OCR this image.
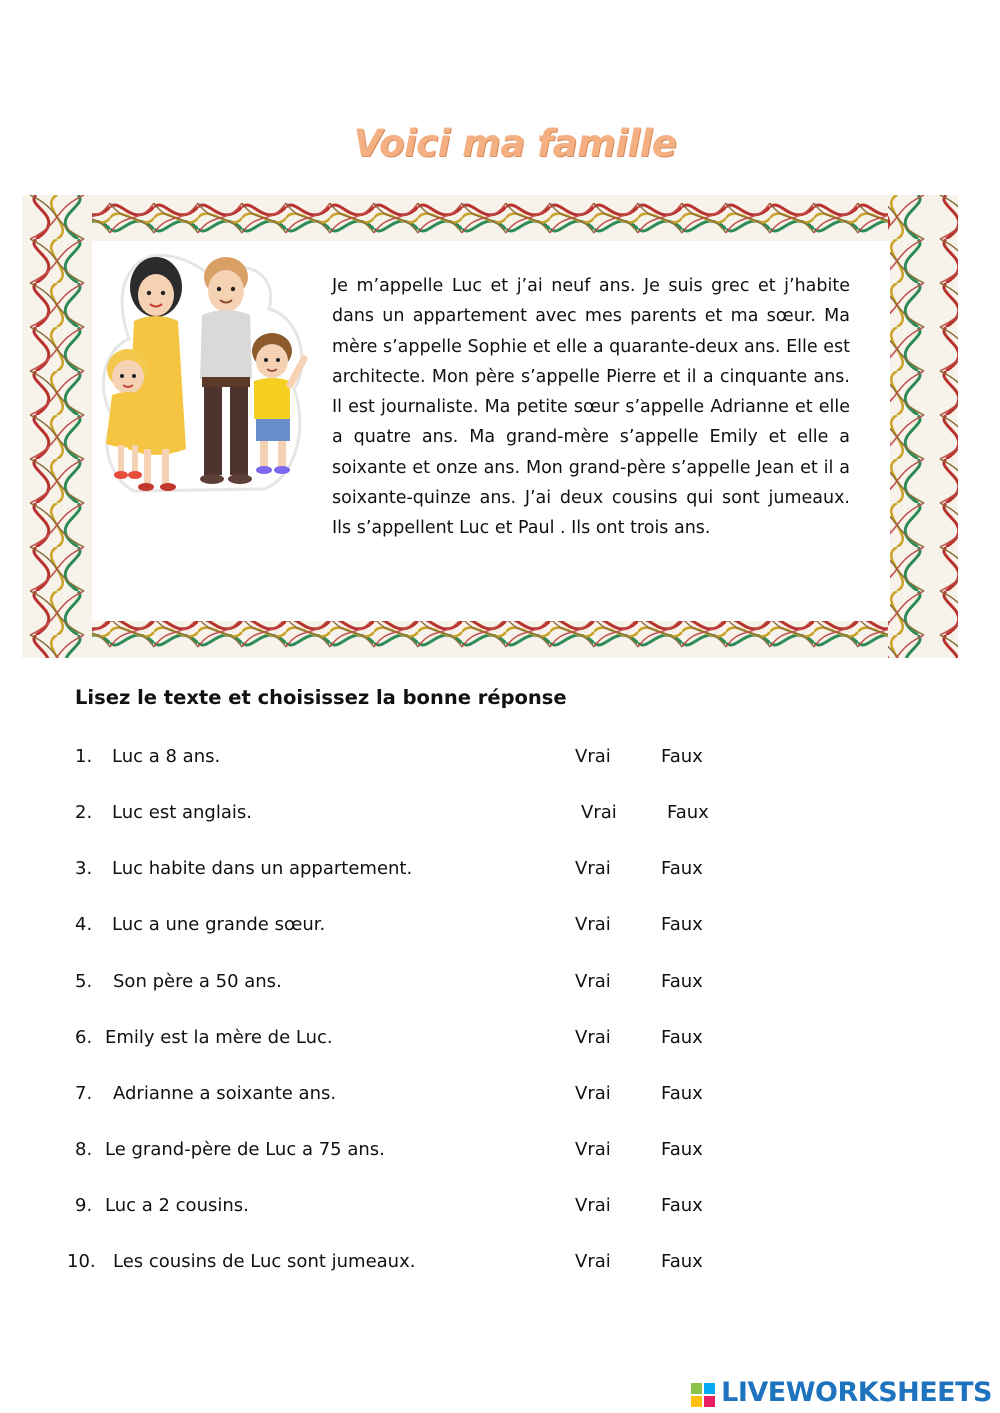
Voici ma famille
Je m’appelle Luc et j’ai neuf ans. Je suis grec et j’habite dans un appartement avec mes parents et ma sœur. Ma mère s’appelle Sophie et elle a quarante-deux ans. Elle est architecte. Mon père s’appelle Pierre et il a cinquante ans. Il est journaliste. Ma petite sœur s’appelle Adrianne et elle a quatre ans. Ma grand-mère s’appelle Emily et elle a soixante et onze ans. Mon grand-père s’appelle Jean et il a soixante-quinze ans. J’ai deux cousins qui sont jumeaux. Ils s’appellent Luc et Paul . Ils ont trois ans.
Lisez le texte et choisissez la bonne réponse
1. Luc a 8 ans.	Vrai	Faux
2. Luc est anglais.	Vrai	Faux
3. Luc habite dans un appartement.	Vrai	Faux
4. Luc a une grande sœur.	Vrai	Faux
5. Son père a 50 ans.	Vrai	Faux
6. Emily est la mère de Luc.	Vrai	Faux
7. Adrianne a soixante ans.	Vrai	Faux
8. Le grand-père de Luc a 75 ans.	Vrai	Faux
9. Luc a 2 cousins.	Vrai	Faux
10. Les cousins de Luc sont jumeaux.	Vrai	Faux
LIVEWORKSHEETS
